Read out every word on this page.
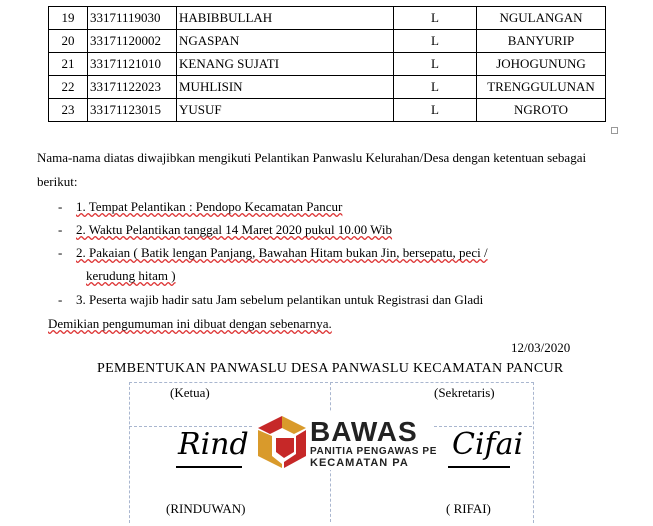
19	33171119030	HABIBBULLAH	L	NGULANGAN
20	33171120002	NGASPAN	L	BANYURIP
21	33171121010	KENANG SUJATI	L	JOHOGUNUNG
22	33171122023	MUHLISIN	L	TRENGGULUNAN
23	33171123015	YUSUF	L	NGROTO
Nama-nama diatas diwajibkan mengikuti Pelantikan Panwaslu Kelurahan/Desa dengan ketentuan sebagai
berikut:
- 1. Tempat Pelantikan : Pendopo Kecamatan Pancur
- 2. Waktu Pelantikan tanggal 14 Maret 2020 pukul 10.00 Wib
- 2. Pakaian ( Batik lengan Panjang, Bawahan Hitam bukan Jin, bersepatu, peci /
kerudung hitam )
- 3. Peserta wajib hadir satu Jam sebelum pelantikan untuk Registrasi dan Gladi
Demikian pengumuman ini dibuat dengan sebenarnya.
12/03/2020
PEMBENTUKAN PANWASLU DESA PANWASLU KECAMATAN PANCUR
(Ketua)	(Sekretaris)
Rind	Cifai
BAWAS
PANITIA PENGAWAS PE
KECAMATAN PA
(RINDUWAN)	( RIFAI)
